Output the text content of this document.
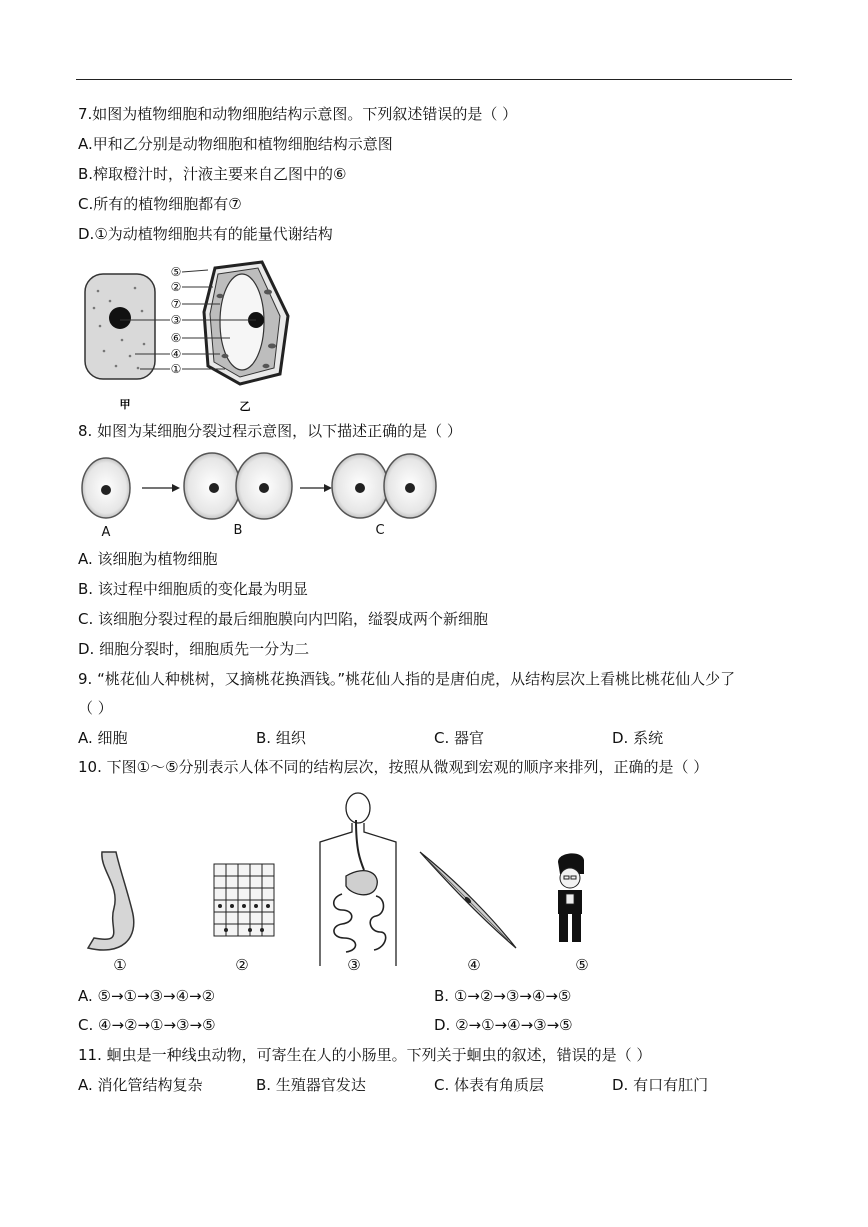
7.如图为植物细胞和动物细胞结构示意图。下列叙述错误的是（ ）
A.甲和乙分别是动物细胞和植物细胞结构示意图
B.榨取橙汁时，汁液主要来自乙图中的⑥
C.所有的植物细胞都有⑦
D.①为动植物细胞共有的能量代谢结构
⑤
②
⑦
③
⑥
④
①
甲	乙
8. 如图为某细胞分裂过程示意图，以下描述正确的是（ ）
A	B	C
A. 该细胞为植物细胞
B. 该过程中细胞质的变化最为明显
C. 该细胞分裂过程的最后细胞膜向内凹陷，缢裂成两个新细胞
D. 细胞分裂时，细胞质先一分为二
9. “桃花仙人种桃树，又摘桃花换酒钱。”桃花仙人指的是唐伯虎，从结构层次上看桃比桃花仙人少了
（ ）
A. 细胞	B. 组织	C. 器官	D. 系统
10. 下图①～⑤分别表示人体不同的结构层次，按照从微观到宏观的顺序来排列，正确的是（ ）
①	②	③	④	⑤
A. ⑤→①→③→④→②	B. ①→②→③→④→⑤
C. ④→②→①→③→⑤	D. ②→①→④→③→⑤
11. 蛔虫是一种线虫动物，可寄生在人的小肠里。下列关于蛔虫的叙述，错误的是（ ）
A. 消化管结构复杂	B. 生殖器官发达	C. 体表有角质层	D. 有口有肛门
